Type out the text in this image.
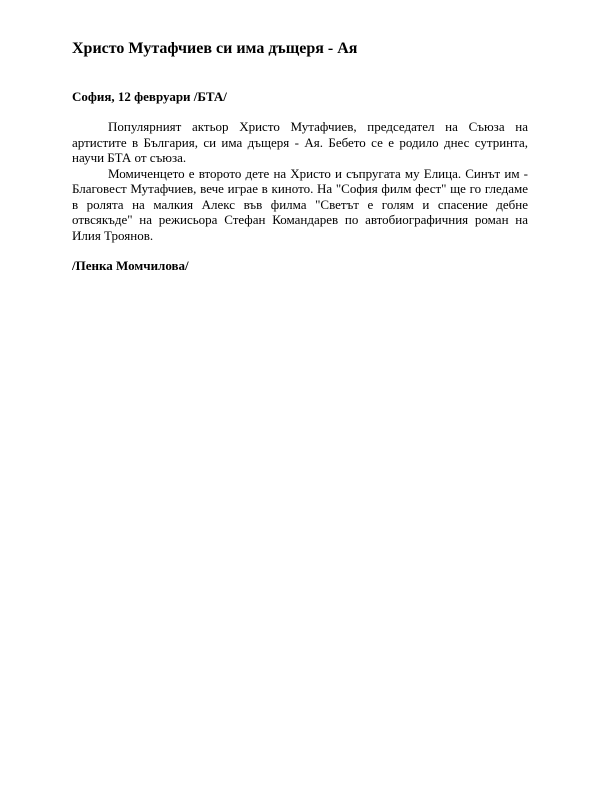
Христо Мутафчиев си има дъщеря - Ая

София, 12 февруари /БТА/

Популярният актьор Христо Мутафчиев, председател на Съюза на артистите в България, си има дъщеря - Ая. Бебето се е родило днес сутринта, научи БТА от съюза.

Момиченцето е второто дете на Христо и съпругата му Елица. Синът им - Благовест Мутафчиев, вече играе в киното. На "София филм фест" ще го гледаме в ролята на малкия Алекс във филма "Светът е голям и спасение дебне отвсякъде" на режисьора Стефан Командарев по автобиографичния роман на Илия Троянов.

/Пенка Момчилова/
